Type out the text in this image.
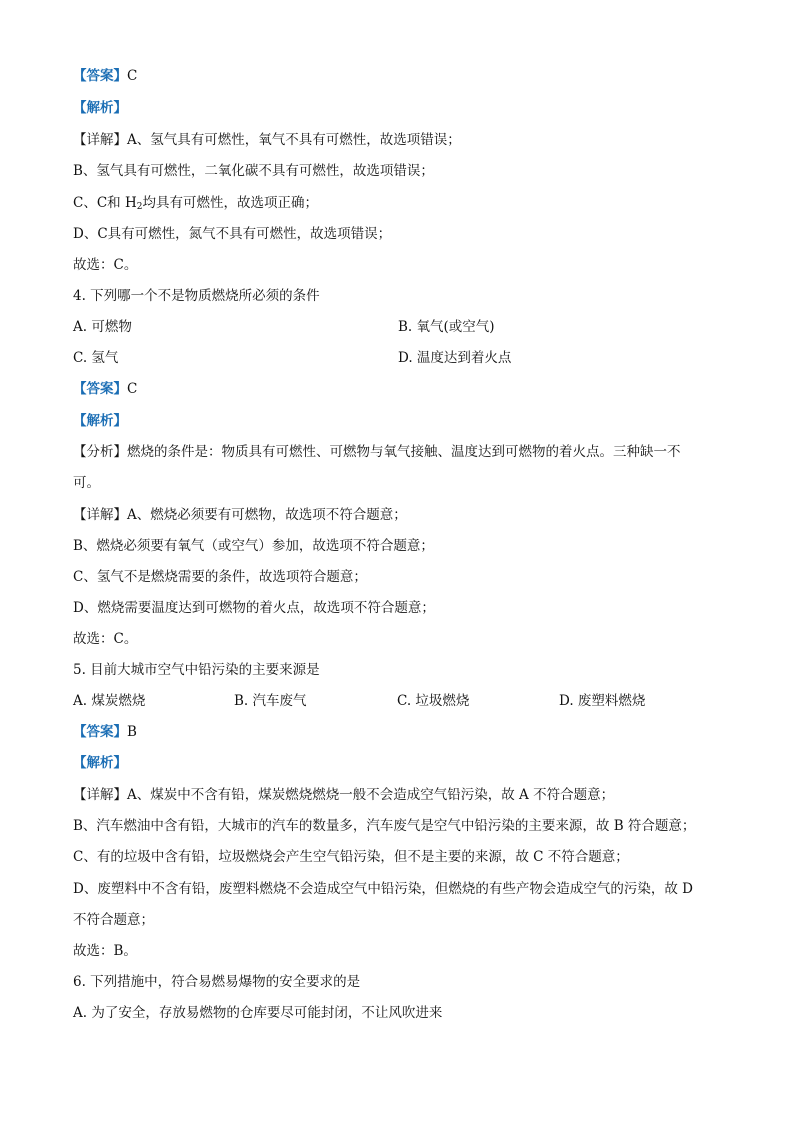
【答案】C
【解析】
【详解】A、氢气具有可燃性，氧气不具有可燃性，故选项错误；
B、氢气具有可燃性，二氧化碳不具有可燃性，故选项错误；
C、C和 $H_2$均具有可燃性，故选项正确；
D、C具有可燃性，氮气不具有可燃性，故选项错误；
故选：C。
4. 下列哪一个不是物质燃烧所必须的条件
A. 可燃物	B. 氧气(或空气)
C. 氢气	D. 温度达到着火点
【答案】C
【解析】
【分析】燃烧的条件是：物质具有可燃性、可燃物与氧气接触、温度达到可燃物的着火点。三种缺一不
可。
【详解】A、燃烧必须要有可燃物，故选项不符合题意；
B、燃烧必须要有氧气（或空气）参加，故选项不符合题意；
C、氢气不是燃烧需要的条件，故选项符合题意；
D、燃烧需要温度达到可燃物的着火点，故选项不符合题意；
故选：C。
5. 目前大城市空气中铅污染的主要来源是
A. 煤炭燃烧	B. 汽车废气	C. 垃圾燃烧	D. 废塑料燃烧
【答案】B
【解析】
【详解】A、煤炭中不含有铅，煤炭燃烧燃烧一般不会造成空气铅污染，故 A 不符合题意；
B、汽车燃油中含有铅，大城市的汽车的数量多，汽车废气是空气中铅污染的主要来源，故 B 符合题意；
C、有的垃圾中含有铅，垃圾燃烧会产生空气铅污染，但不是主要的来源，故 C 不符合题意；
D、废塑料中不含有铅，废塑料燃烧不会造成空气中铅污染，但燃烧的有些产物会造成空气的污染，故 D
不符合题意；
故选：B。
6. 下列措施中，符合易燃易爆物的安全要求的是
A. 为了安全，存放易燃物的仓库要尽可能封闭，不让风吹进来
